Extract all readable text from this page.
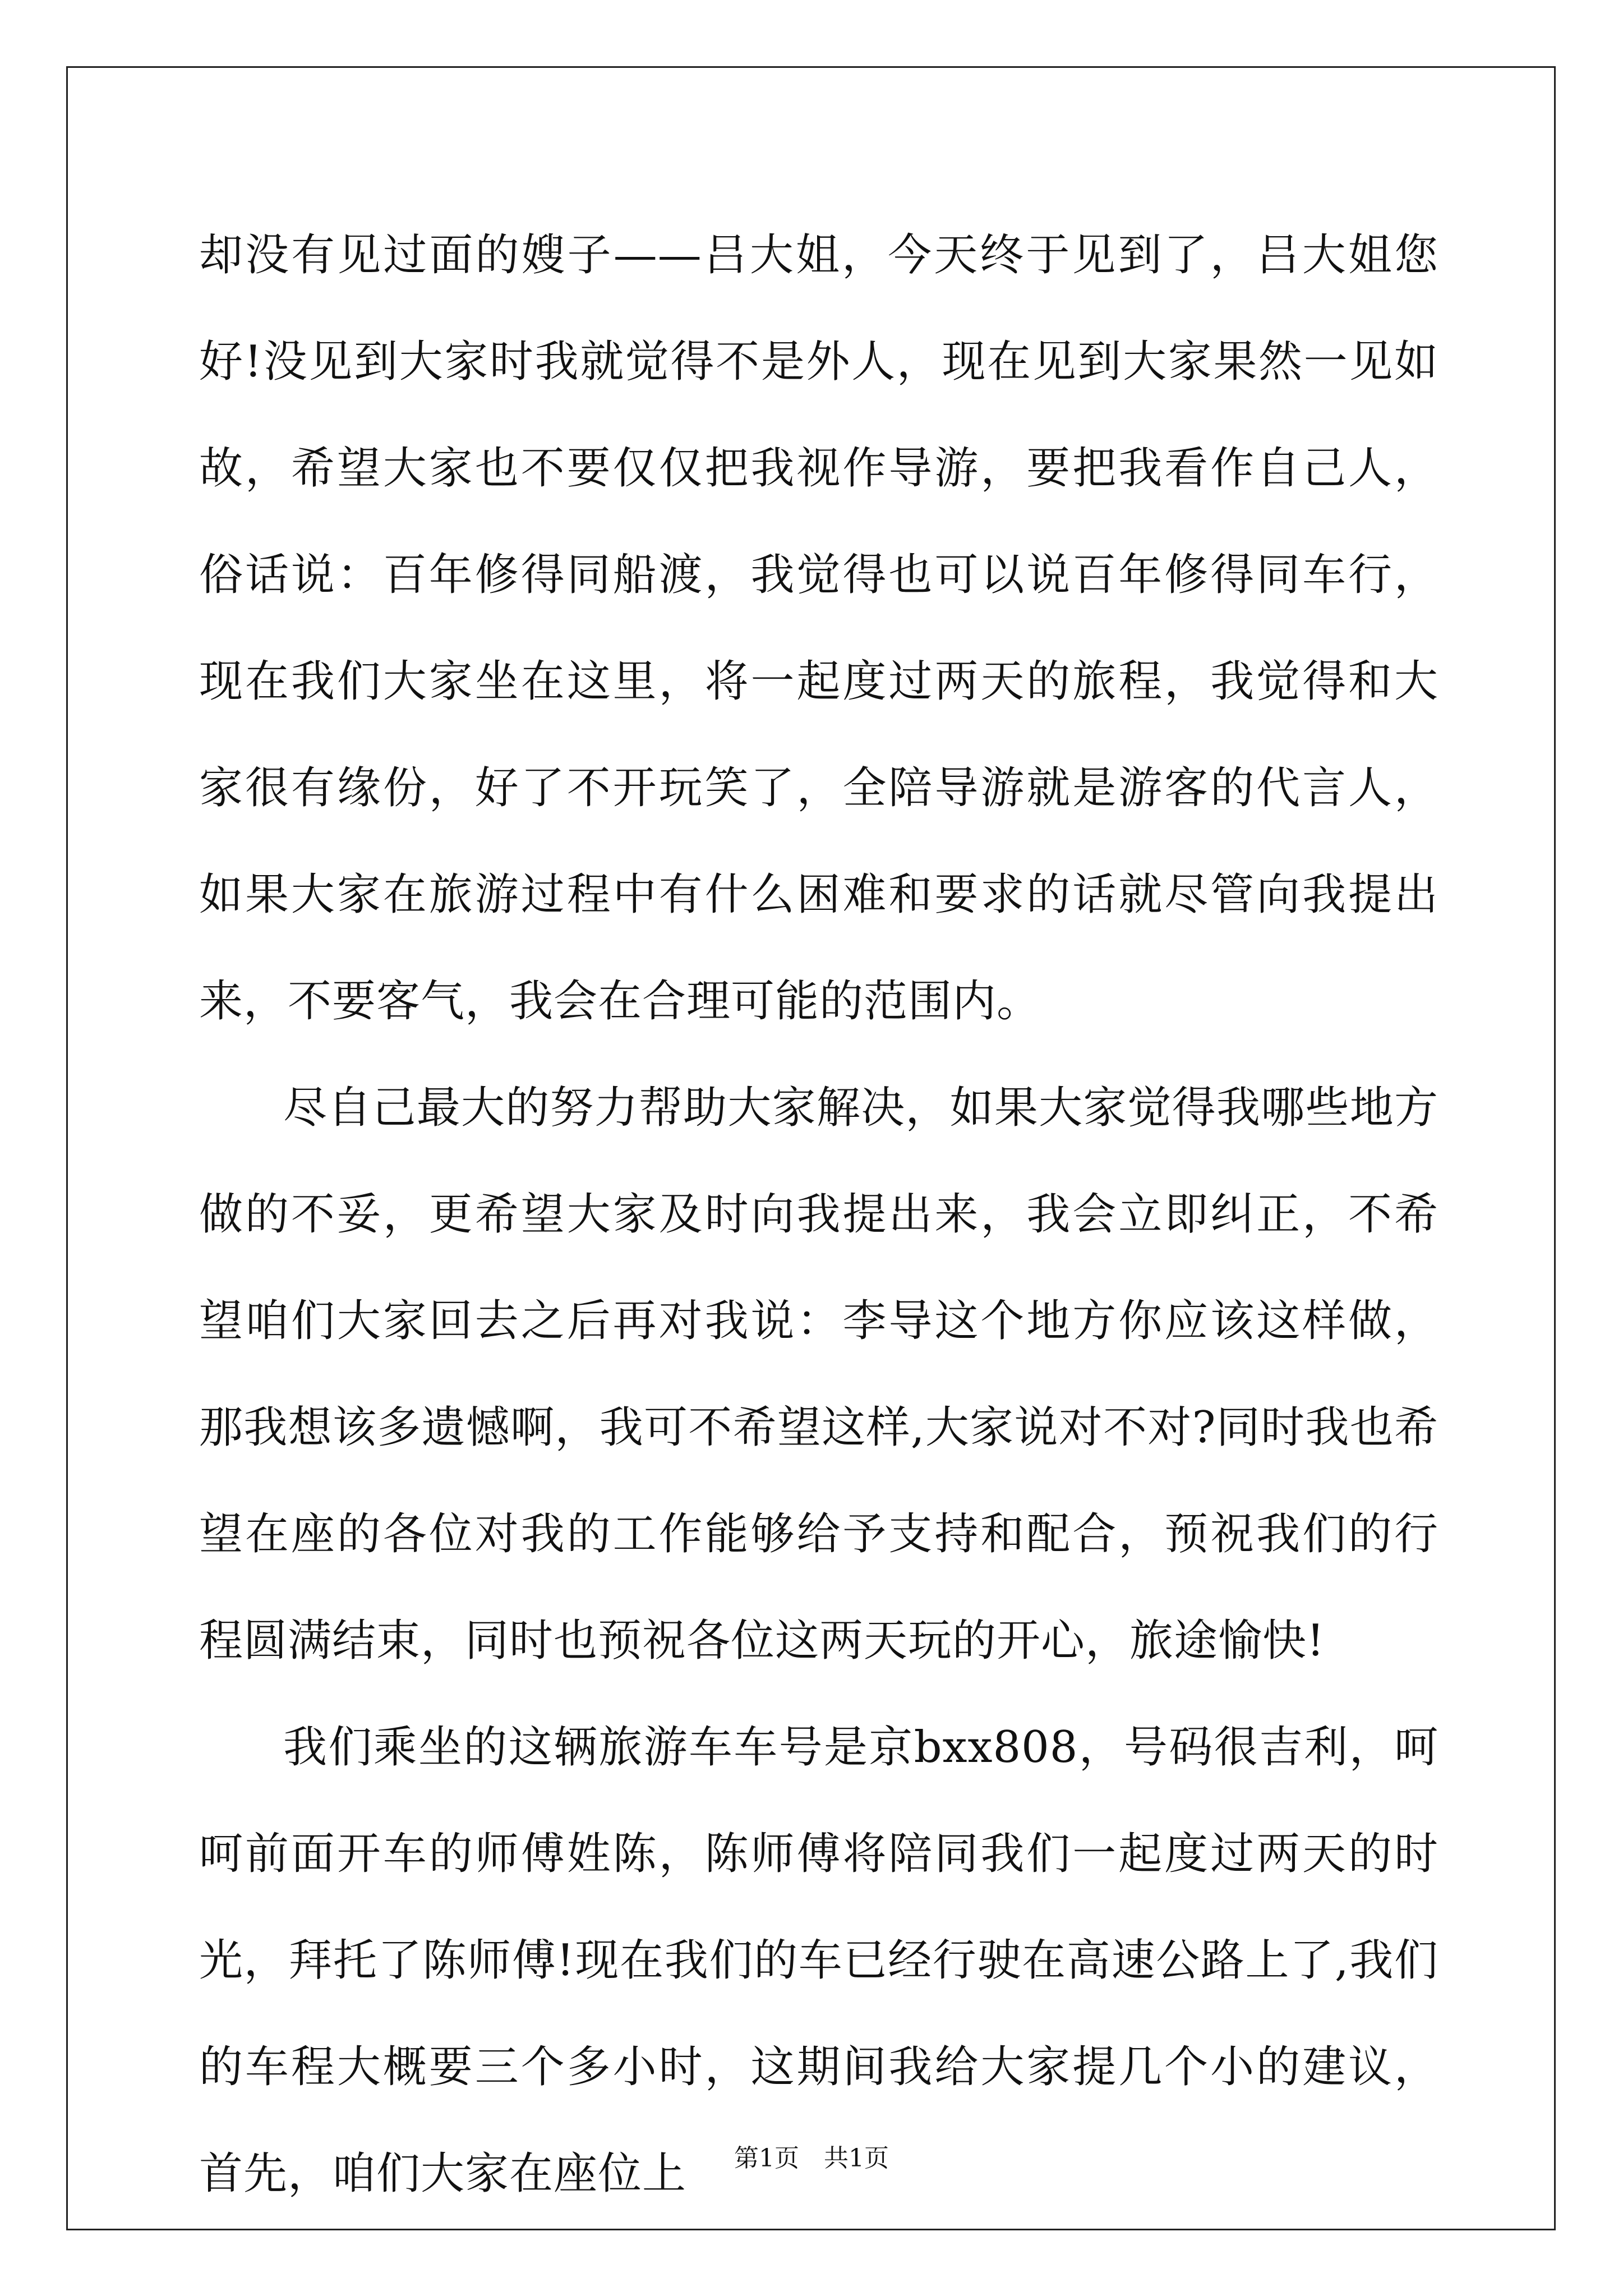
却没有见过面的嫂子——吕大姐，今天终于见到了，吕大姐您好!没见到大家时我就觉得不是外人，现在见到大家果然一见如故，希望大家也不要仅仅把我视作导游，要把我看作自己人，俗话说：百年修得同船渡，我觉得也可以说百年修得同车行，现在我们大家坐在这里，将一起度过两天的旅程，我觉得和大家很有缘份，好了不开玩笑了，全陪导游就是游客的代言人，如果大家在旅游过程中有什么困难和要求的话就尽管向我提出来，不要客气，我会在合理可能的范围内。

尽自己最大的努力帮助大家解决，如果大家觉得我哪些地方做的不妥，更希望大家及时向我提出来，我会立即纠正，不希望咱们大家回去之后再对我说：李导这个地方你应该这样做，那我想该多遗憾啊，我可不希望这样,大家说对不对?同时我也希望在座的各位对我的工作能够给予支持和配合，预祝我们的行程圆满结束，同时也预祝各位这两天玩的开心，旅途愉快!

我们乘坐的这辆旅游车车号是京bxx808，号码很吉利，呵呵前面开车的师傅姓陈，陈师傅将陪同我们一起度过两天的时光，拜托了陈师傅!现在我们的车已经行驶在高速公路上了,我们的车程大概要三个多小时，这期间我给大家提几个小的建议，首先，咱们大家在座位上	第1页　共1页
